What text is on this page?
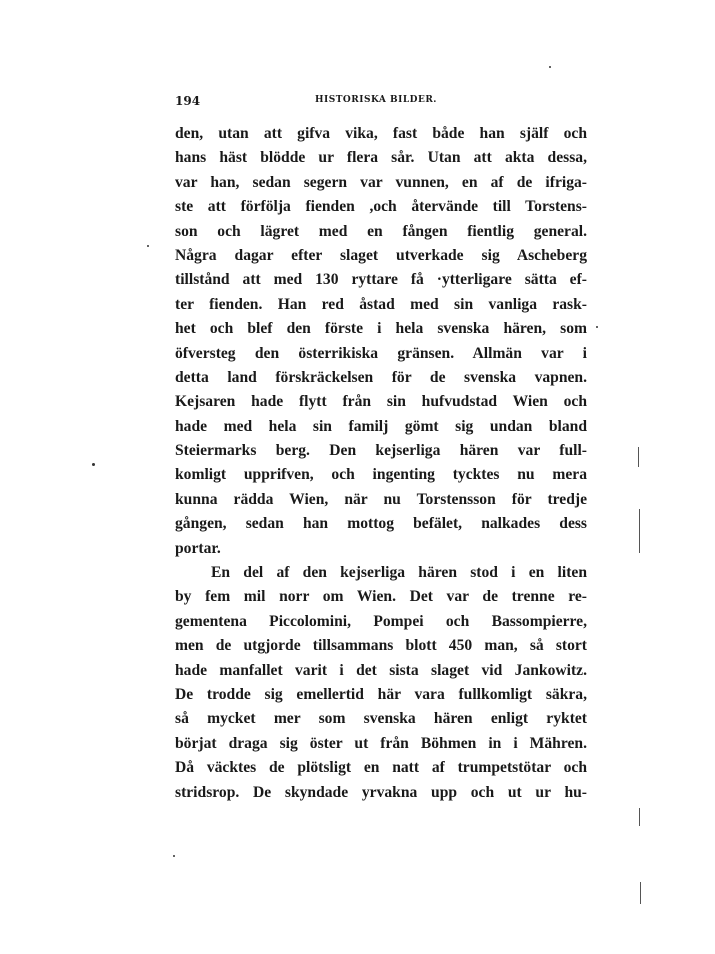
194	HISTORISKA BILDER.
den, utan att gifva vika, fast både han själf och
hans häst blödde ur flera sår. Utan att akta dessa,
var han, sedan segern var vunnen, en af de ifriga-
ste att förfölja fienden ,och återvände till Torstens-
son och lägret med en fången fientlig general.
Några dagar efter slaget utverkade sig Ascheberg
tillstånd att med 130 ryttare få ·ytterligare sätta ef-
ter fienden. Han red åstad med sin vanliga rask-
het och blef den förste i hela svenska hären, som
öfversteg den österrikiska gränsen. Allmän var i
detta land förskräckelsen för de svenska vapnen.
Kejsaren hade flytt från sin hufvudstad Wien och
hade med hela sin familj gömt sig undan bland
Steiermarks berg. Den kejserliga hären var full-
komligt upprifven, och ingenting tycktes nu mera
kunna rädda Wien, när nu Torstensson för tredje
gången, sedan han mottog befälet, nalkades dess
portar.
En del af den kejserliga hären stod i en liten
by fem mil norr om Wien. Det var de trenne re-
gementena Piccolomini, Pompei och Bassompierre,
men de utgjorde tillsammans blott 450 man, så stort
hade manfallet varit i det sista slaget vid Jankowitz.
De trodde sig emellertid här vara fullkomligt säkra,
så mycket mer som svenska hären enligt ryktet
börjat draga sig öster ut från Böhmen in i Mähren.
Då väcktes de plötsligt en natt af trumpetstötar och
stridsrop. De skyndade yrvakna upp och ut ur hu-
